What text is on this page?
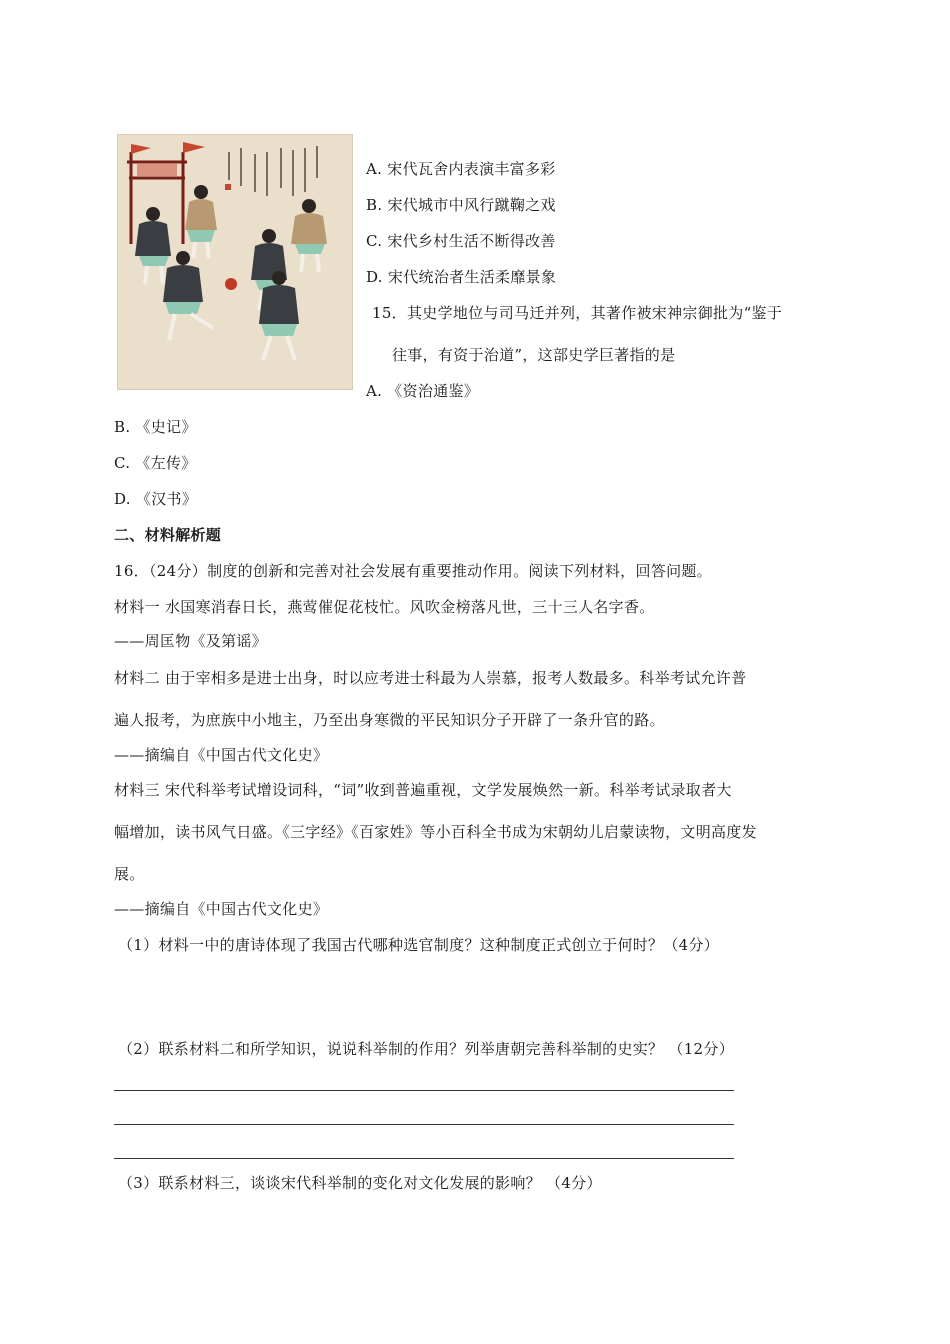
A. 宋代瓦舍内表演丰富多彩
B. 宋代城市中风行蹴鞠之戏
C. 宋代乡村生活不断得改善
D. 宋代统治者生活柔靡景象
15．其史学地位与司马迁并列，其著作被宋神宗御批为“鉴于
往事，有资于治道”，这部史学巨著指的是
A. 《资治通鉴》
B. 《史记》
C. 《左传》
D. 《汉书》
二、材料解析题
16．（24分）制度的创新和完善对社会发展有重要推动作用。阅读下列材料，回答问题。
材料一 水国寒消春日长，燕莺催促花枝忙。风吹金榜落凡世，三十三人名字香。
——周匡物《及第谣》
材料二 由于宰相多是进士出身，时以应考进士科最为人崇慕，报考人数最多。科举考试允许普
遍人报考，为庶族中小地主，乃至出身寒微的平民知识分子开辟了一条升官的路。
——摘编自《中国古代文化史》
材料三 宋代科举考试增设词科，“词”收到普遍重视，文学发展焕然一新。科举考试录取者大
幅增加，读书风气日盛。《三字经》《百家姓》等小百科全书成为宋朝幼儿启蒙读物，文明高度发
展。
——摘编自《中国古代文化史》
（1）材料一中的唐诗体现了我国古代哪种选官制度？这种制度正式创立于何时？（4分）
（2）联系材料二和所学知识，说说科举制的作用？列举唐朝完善科举制的史实？ （12分）
（3）联系材料三，谈谈宋代科举制的变化对文化发展的影响？ （4分）
